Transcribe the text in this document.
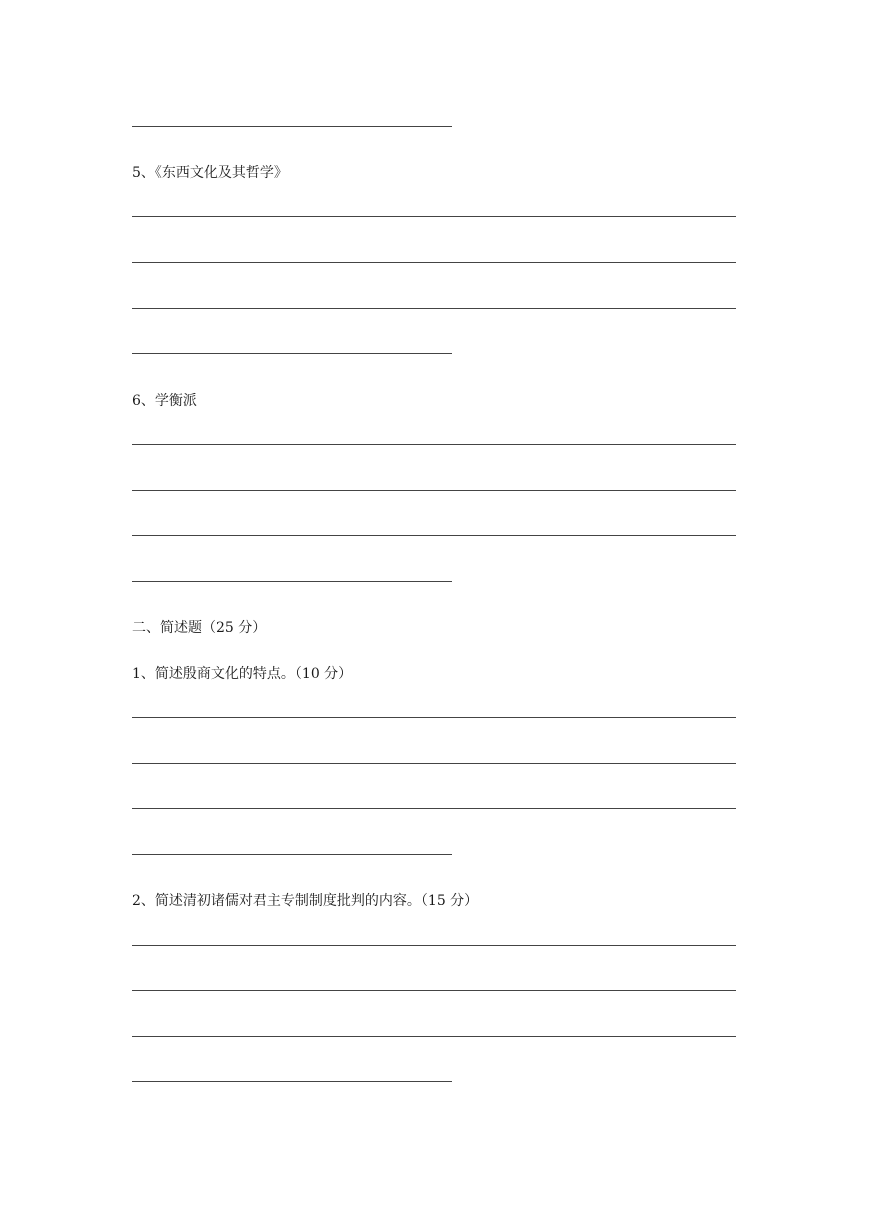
5、《东西文化及其哲学》
6、学衡派
二、简述题（25 分）
1、简述殷商文化的特点。（10 分）
2、简述清初诸儒对君主专制制度批判的内容。（15 分）
